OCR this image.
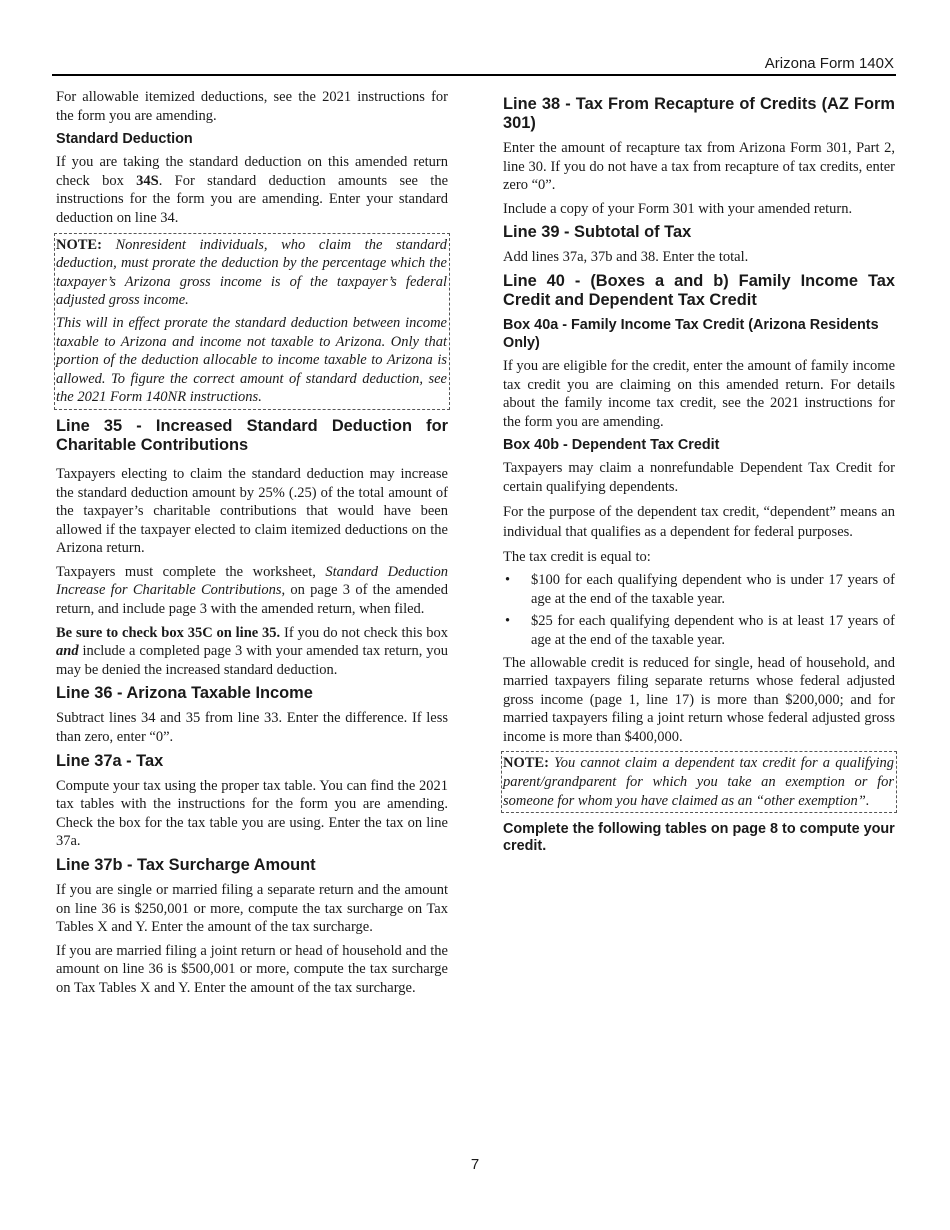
Arizona Form 140X

For allowable itemized deductions, see the 2021 instructions for the form you are amending.

Standard Deduction

If you are taking the standard deduction on this amended return check box 34S. For standard deduction amounts see the instructions for the form you are amending. Enter your standard deduction on line 34.

NOTE: Nonresident individuals, who claim the standard deduction, must prorate the deduction by the percentage which the taxpayer’s Arizona gross income is of the taxpayer’s federal adjusted gross income.

This will in effect prorate the standard deduction between income taxable to Arizona and income not taxable to Arizona. Only that portion of the deduction allocable to income taxable to Arizona is allowed. To figure the correct amount of standard deduction, see the 2021 Form 140NR instructions.

Line 35 - Increased Standard Deduction for Charitable Contributions

Taxpayers electing to claim the standard deduction may increase the standard deduction amount by 25% (.25) of the total amount of the taxpayer’s charitable contributions that would have been allowed if the taxpayer elected to claim itemized deductions on the Arizona return.

Taxpayers must complete the worksheet, Standard Deduction Increase for Charitable Contributions, on page 3 of the amended return, and include page 3 with the amended return, when filed.

Be sure to check box 35C on line 35. If you do not check this box and include a completed page 3 with your amended tax return, you may be denied the increased standard deduction.

Line 36 - Arizona Taxable Income

Subtract lines 34 and 35 from line 33. Enter the difference. If less than zero, enter “0”.

Line 37a - Tax

Compute your tax using the proper tax table. You can find the 2021 tax tables with the instructions for the form you are amending. Check the box for the tax table you are using. Enter the tax on line 37a.

Line 37b - Tax Surcharge Amount

If you are single or married filing a separate return and the amount on line 36 is $250,001 or more, compute the tax surcharge on Tax Tables X and Y. Enter the amount of the tax surcharge.

If you are married filing a joint return or head of household and the amount on line 36 is $500,001 or more, compute the tax surcharge on Tax Tables X and Y. Enter the amount of the tax surcharge.

Line 38 - Tax From Recapture of Credits (AZ Form 301)

Enter the amount of recapture tax from Arizona Form 301, Part 2, line 30. If you do not have a tax from recapture of tax credits, enter zero “0”.

Include a copy of your Form 301 with your amended return.

Line 39 - Subtotal of Tax

Add lines 37a, 37b and 38. Enter the total.

Line 40 - (Boxes a and b) Family Income Tax Credit and Dependent Tax Credit
Box 40a - Family Income Tax Credit (Arizona Residents Only)

If you are eligible for the credit, enter the amount of family income tax credit you are claiming on this amended return. For details about the family income tax credit, see the 2021 instructions for the form you are amending.

Box 40b - Dependent Tax Credit

Taxpayers may claim a nonrefundable Dependent Tax Credit for certain qualifying dependents.

For the purpose of the dependent tax credit, “dependent” means an individual that qualifies as a dependent for federal purposes.

The tax credit is equal to:

• $100 for each qualifying dependent who is under 17 years of age at the end of the taxable year.
• $25 for each qualifying dependent who is at least 17 years of age at the end of the taxable year.

The allowable credit is reduced for single, head of household, and married taxpayers filing separate returns whose federal adjusted gross income (page 1, line 17) is more than $200,000; and for married taxpayers filing a joint return whose federal adjusted gross income is more than $400,000.

NOTE: You cannot claim a dependent tax credit for a qualifying parent/grandparent for which you take an exemption or for someone for whom you have claimed as an “other exemption”.

Complete the following tables on page 8 to compute your credit.
7
